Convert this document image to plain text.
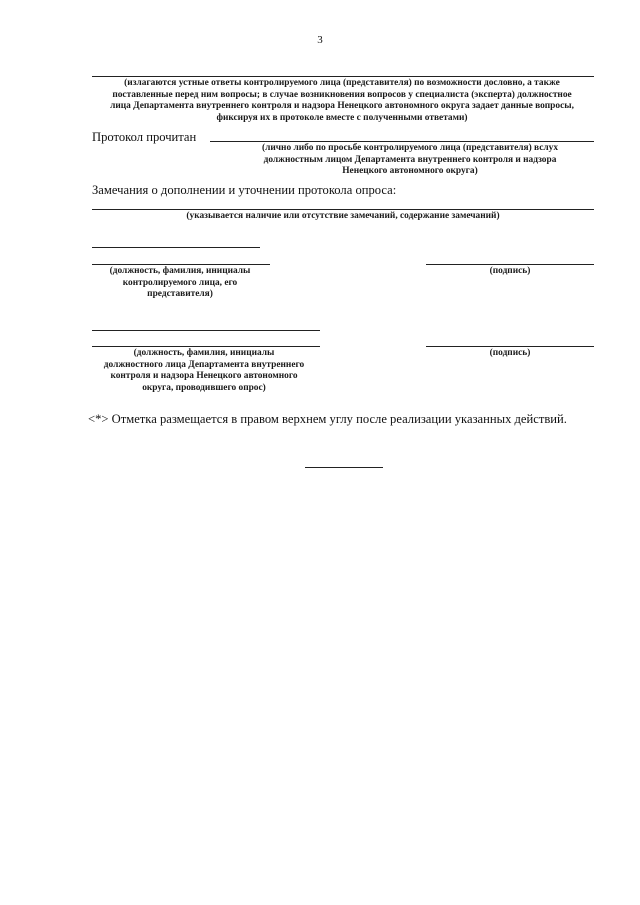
3
(излагаются устные ответы контролируемого лица (представителя) по возможности дословно, а также
поставленные перед ним вопросы; в случае возникновения вопросов у специалиста (эксперта) должностное
лица Департамента внутреннего контроля и надзора Ненецкого автономного округа задает данные вопросы,
фиксируя их в протоколе вместе с полученными ответами)
Протокол прочитан
(лично либо по просьбе контролируемого лица (представителя) вслух
должностным лицом Департамента внутреннего контроля и надзора
Ненецкого автономного округа)
Замечания о дополнении и уточнении протокола опроса:
(указывается наличие или отсутствие замечаний, содержание замечаний)
(должность, фамилия, инициалы
контролируемого лица, его
представителя)
(подпись)
(должность, фамилия, инициалы
должностного лица Департамента внутреннего
контроля и надзора Ненецкого автономного
округа, проводившего опрос)
(подпись)
<*> Отметка размещается в правом верхнем углу после реализации указанных действий.
